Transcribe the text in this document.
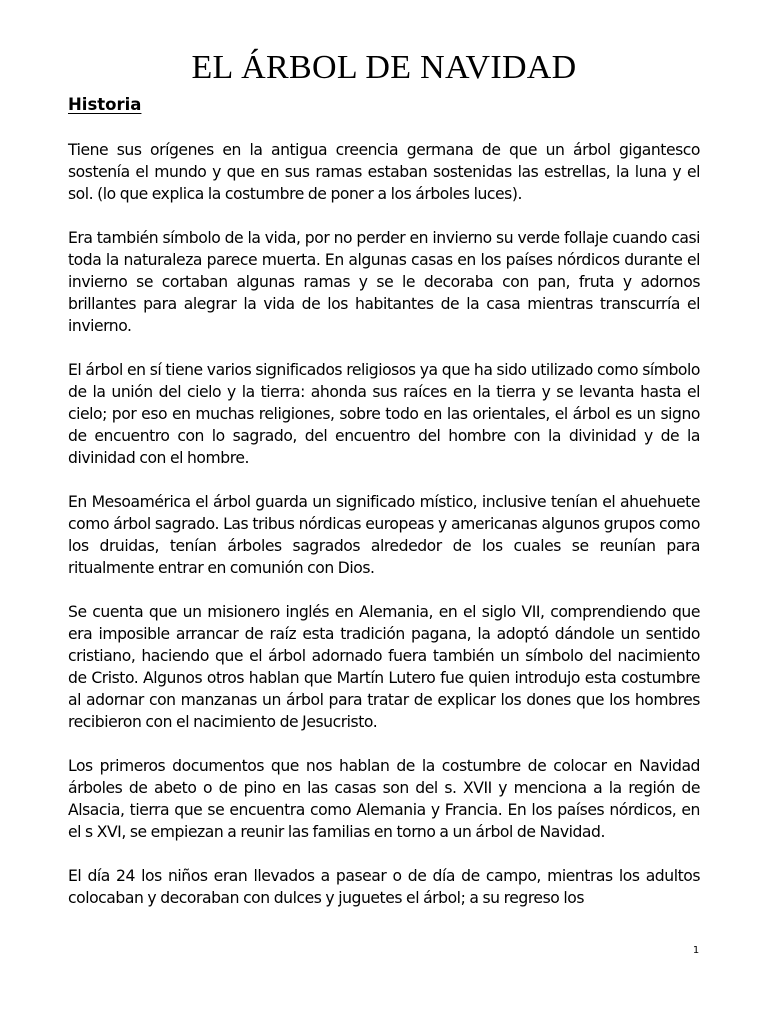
EL ÁRBOL DE NAVIDAD
Historia

Tiene sus orígenes en la antigua creencia germana de que un árbol gigantesco sostenía el mundo y que en sus ramas estaban sostenidas las estrellas, la luna y el sol. (lo que explica la costumbre de poner a los árboles luces).

Era también símbolo de la vida, por no perder en invierno su verde follaje cuando casi toda la naturaleza parece muerta. En algunas casas en los países nórdicos durante el invierno se cortaban algunas ramas y se le decoraba con pan, fruta y adornos brillantes para alegrar la vida de los habitantes de la casa mientras transcurría el invierno.

El árbol en sí tiene varios significados religiosos ya que ha sido utilizado como símbolo de la unión del cielo y la tierra: ahonda sus raíces en la tierra y se levanta hasta el cielo; por eso en muchas religiones, sobre todo en las orientales, el árbol es un signo de encuentro con lo sagrado, del encuentro del hombre con la divinidad y de la divinidad con el hombre.

En Mesoamérica el árbol guarda un significado místico, inclusive tenían el ahuehuete como árbol sagrado. Las tribus nórdicas europeas y americanas algunos grupos como los druidas, tenían árboles sagrados alrededor de los cuales se reunían para ritualmente entrar en comunión con Dios.

Se cuenta que un misionero inglés en Alemania, en el siglo VII, comprendiendo que era imposible arrancar de raíz esta tradición pagana, la adoptó dándole un sentido cristiano, haciendo que el árbol adornado fuera también un símbolo del nacimiento de Cristo. Algunos otros hablan que Martín Lutero fue quien introdujo esta costumbre al adornar con manzanas un árbol para tratar de explicar los dones que los hombres recibieron con el nacimiento de Jesucristo.

Los primeros documentos que nos hablan de la costumbre de colocar en Navidad árboles de abeto o de pino en las casas son del s. XVII y menciona a la región de Alsacia, tierra que se encuentra como Alemania y Francia. En los países nórdicos, en el s XVI, se empiezan a reunir las familias en torno a un árbol de Navidad.

El día 24 los niños eran llevados a pasear o de día de campo, mientras los adultos colocaban y decoraban con dulces y juguetes el árbol; a su regreso los

1
